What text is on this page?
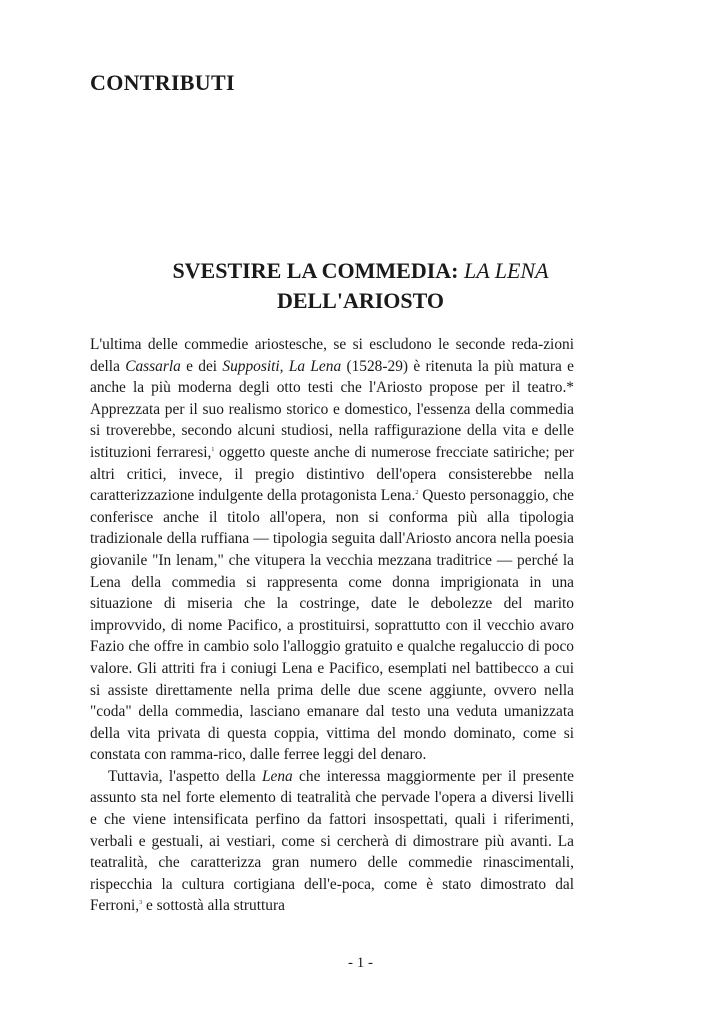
CONTRIBUTI
SVESTIRE LA COMMEDIA: LA LENA
DELL'ARIOSTO

L'ultima delle commedie ariostesche, se si escludono le seconde reda-zioni della Cassarla e dei Suppositi, La Lena (1528-29) è ritenuta la più matura e anche la più moderna degli otto testi che l'Ariosto propose per il teatro.* Apprezzata per il suo realismo storico e domestico, l'essenza della commedia si troverebbe, secondo alcuni studiosi, nella raffigurazione della vita e delle istituzioni ferraresi,$^1$ oggetto queste anche di numerose frecciate satiriche; per altri critici, invece, il pregio distintivo dell'opera consisterebbe nella caratterizzazione indulgente della protagonista Lena.$^2$ Questo personaggio, che conferisce anche il titolo all'opera, non si conforma più alla tipologia tradizionale della ruffiana — tipologia seguita dall'Ariosto ancora nella poesia giovanile "In lenam," che vitupera la vecchia mezzana traditrice — perché la Lena della commedia si rappresenta come donna imprigionata in una situazione di miseria che la costringe, date le debolezze del marito improvvido, di nome Pacifico, a prostituirsi, soprattutto con il vecchio avaro Fazio che offre in cambio solo l'alloggio gratuito e qualche regaluccio di poco valore. Gli attriti fra i coniugi Lena e Pacifico, esemplati nel battibecco a cui si assiste direttamente nella prima delle due scene aggiunte, ovvero nella "coda" della commedia, lasciano emanare dal testo una veduta umanizzata della vita privata di questa coppia, vittima del mondo dominato, come si constata con ramma-rico, dalle ferree leggi del denaro.

Tuttavia, l'aspetto della Lena che interessa maggiormente per il presente assunto sta nel forte elemento di teatralità che pervade l'opera a diversi livelli e che viene intensificata perfino da fattori insospettati, quali i riferimenti, verbali e gestuali, ai vestiari, come si cercherà di dimostrare più avanti. La teatralità, che caratterizza gran numero delle commedie rinascimentali, rispecchia la cultura cortigiana dell'e-poca, come è stato dimostrato dal Ferroni,$^3$ e sottostà alla struttura

- 1 -
